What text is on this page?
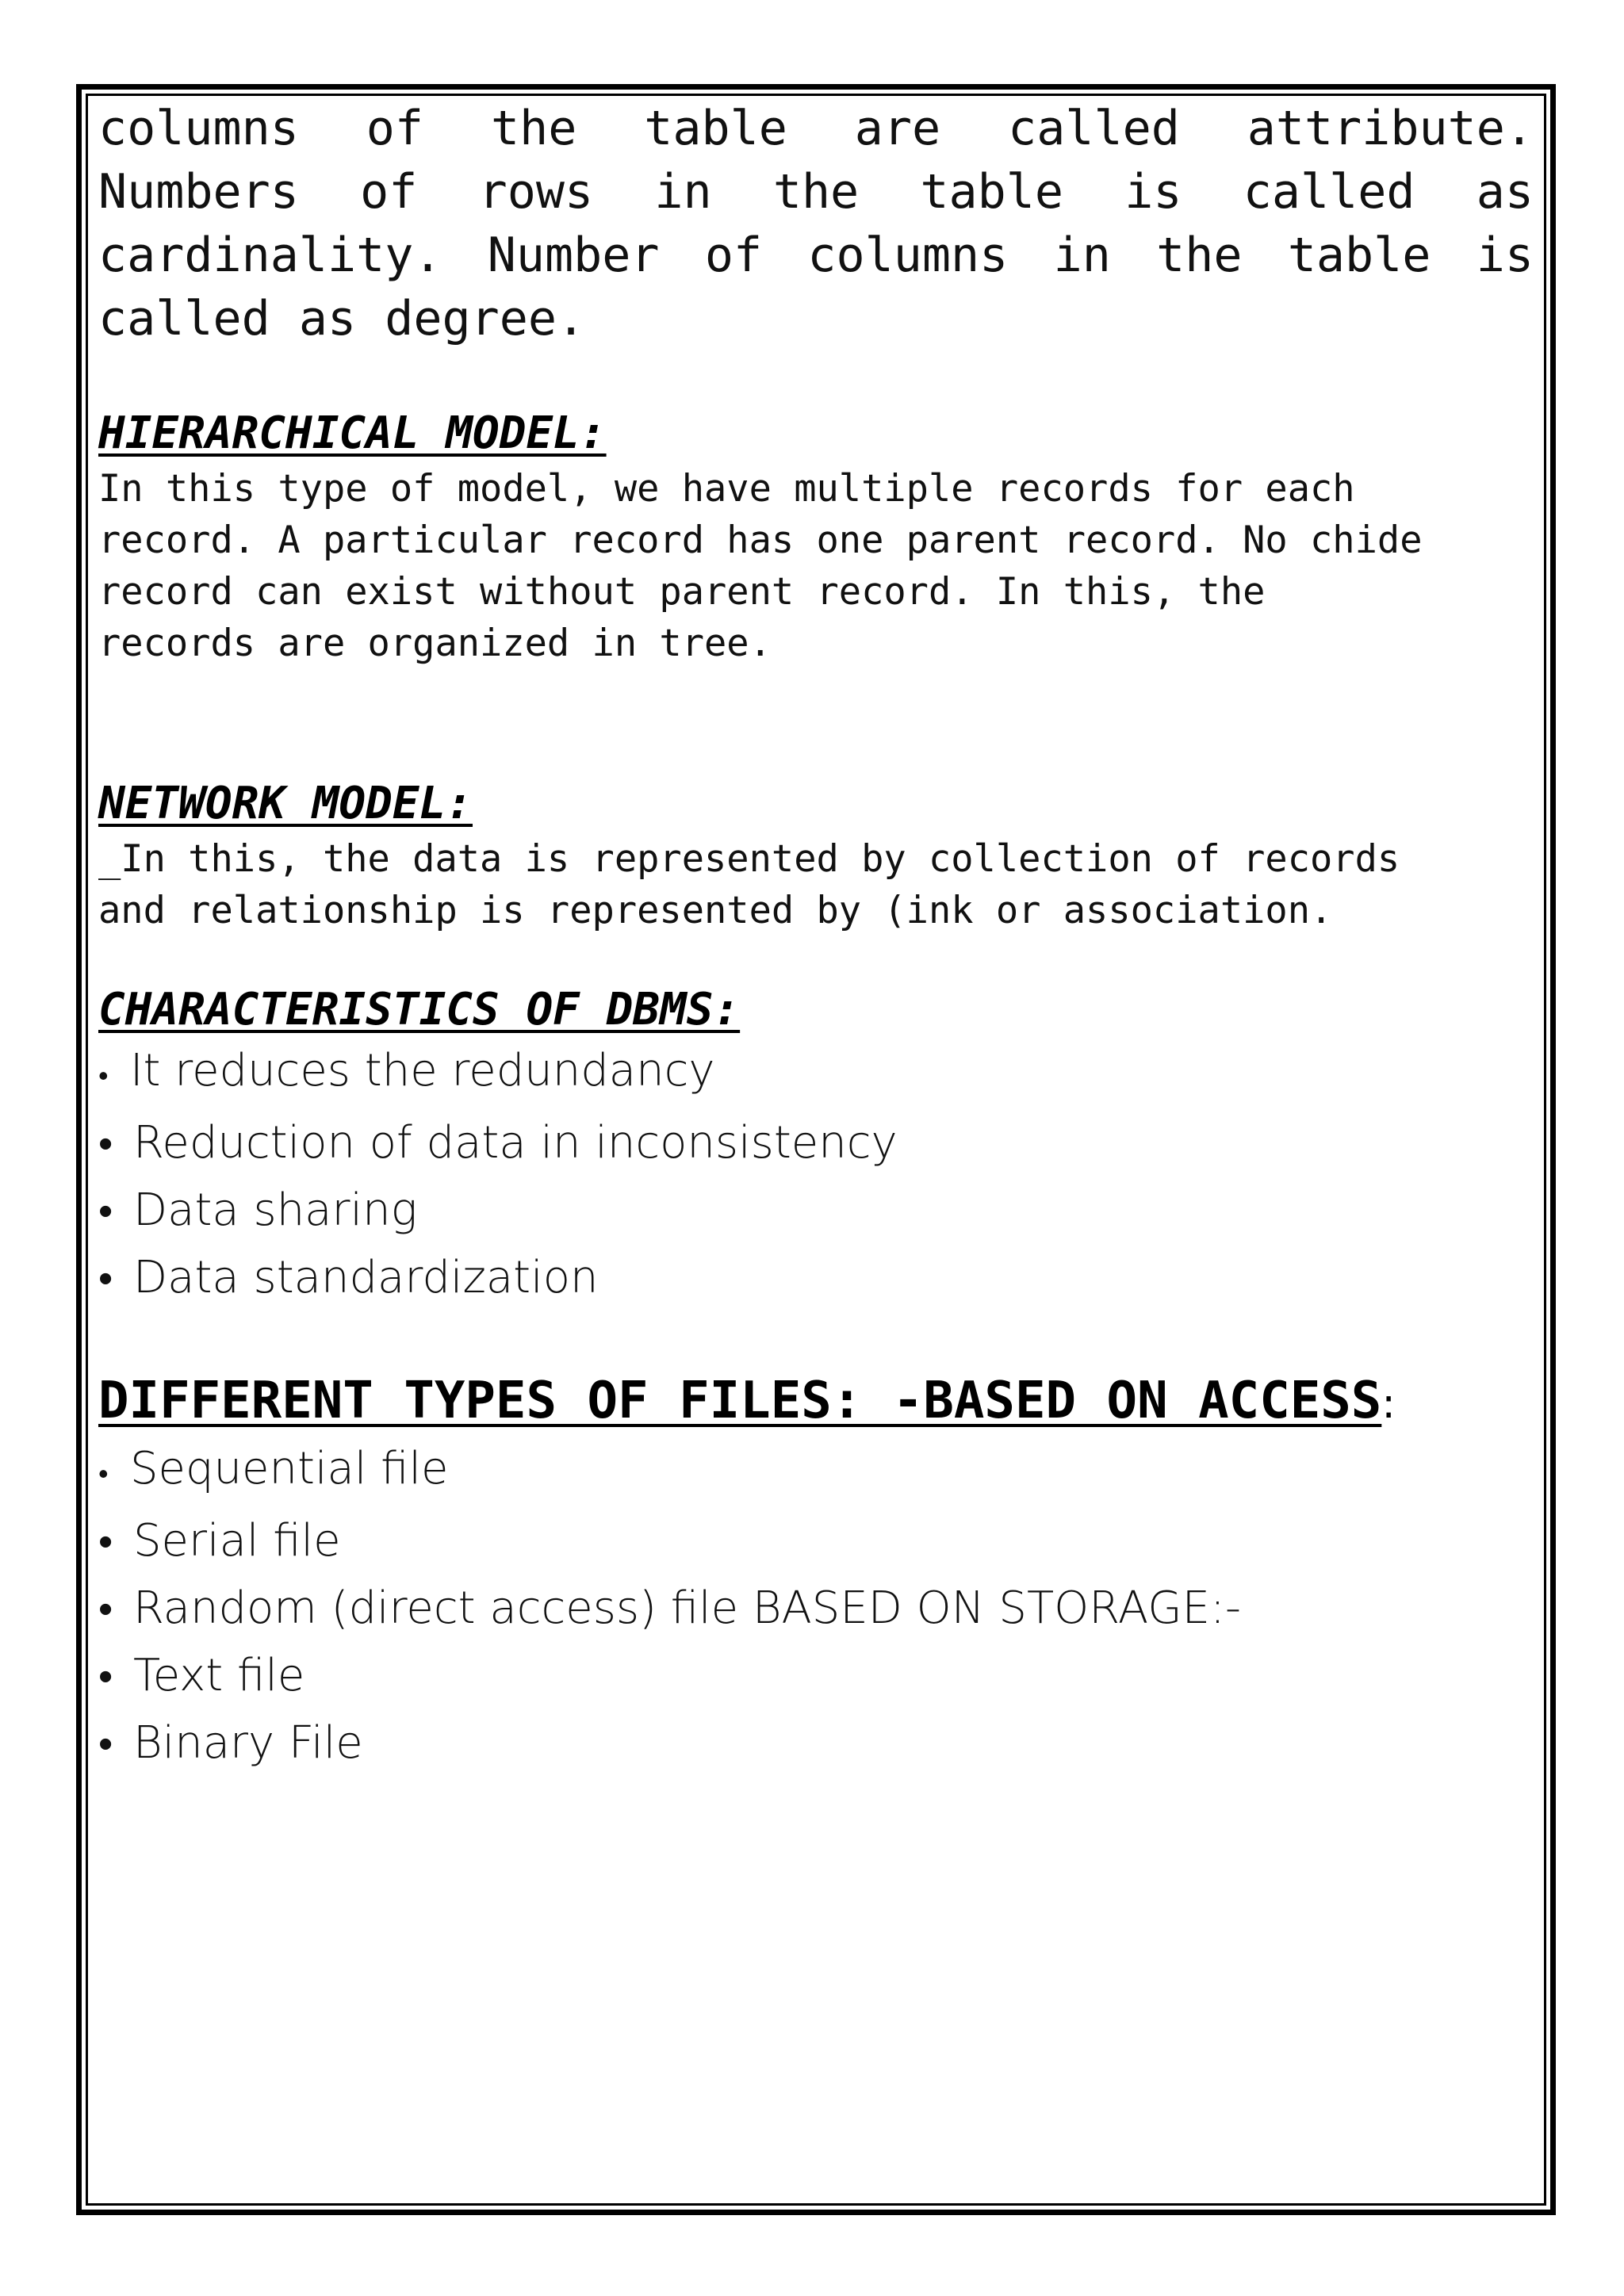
columns of the table are called attribute.
Numbers of rows in the table is called as
cardinality. Number of columns in the table is
called as degree.

HIERARCHICAL MODEL:

In this type of model, we have multiple records for each
record. A particular record has one parent record. No chide
record can exist without parent record. In this, the
records are organized in tree.

NETWORK MODEL:

_In this, the data is represented by collection of records
and relationship is represented by (ink or association.

CHARACTERISTICS OF DBMS:
• It reduces the redundancy
• Reduction of data in inconsistency
• Data sharing
• Data standardization
DIFFERENT TYPES OF FILES: -BASED ON ACCESS:
• Sequential file
• Serial file
• Random (direct access) file BASED ON STORAGE:-
• Text file
• Binary File
